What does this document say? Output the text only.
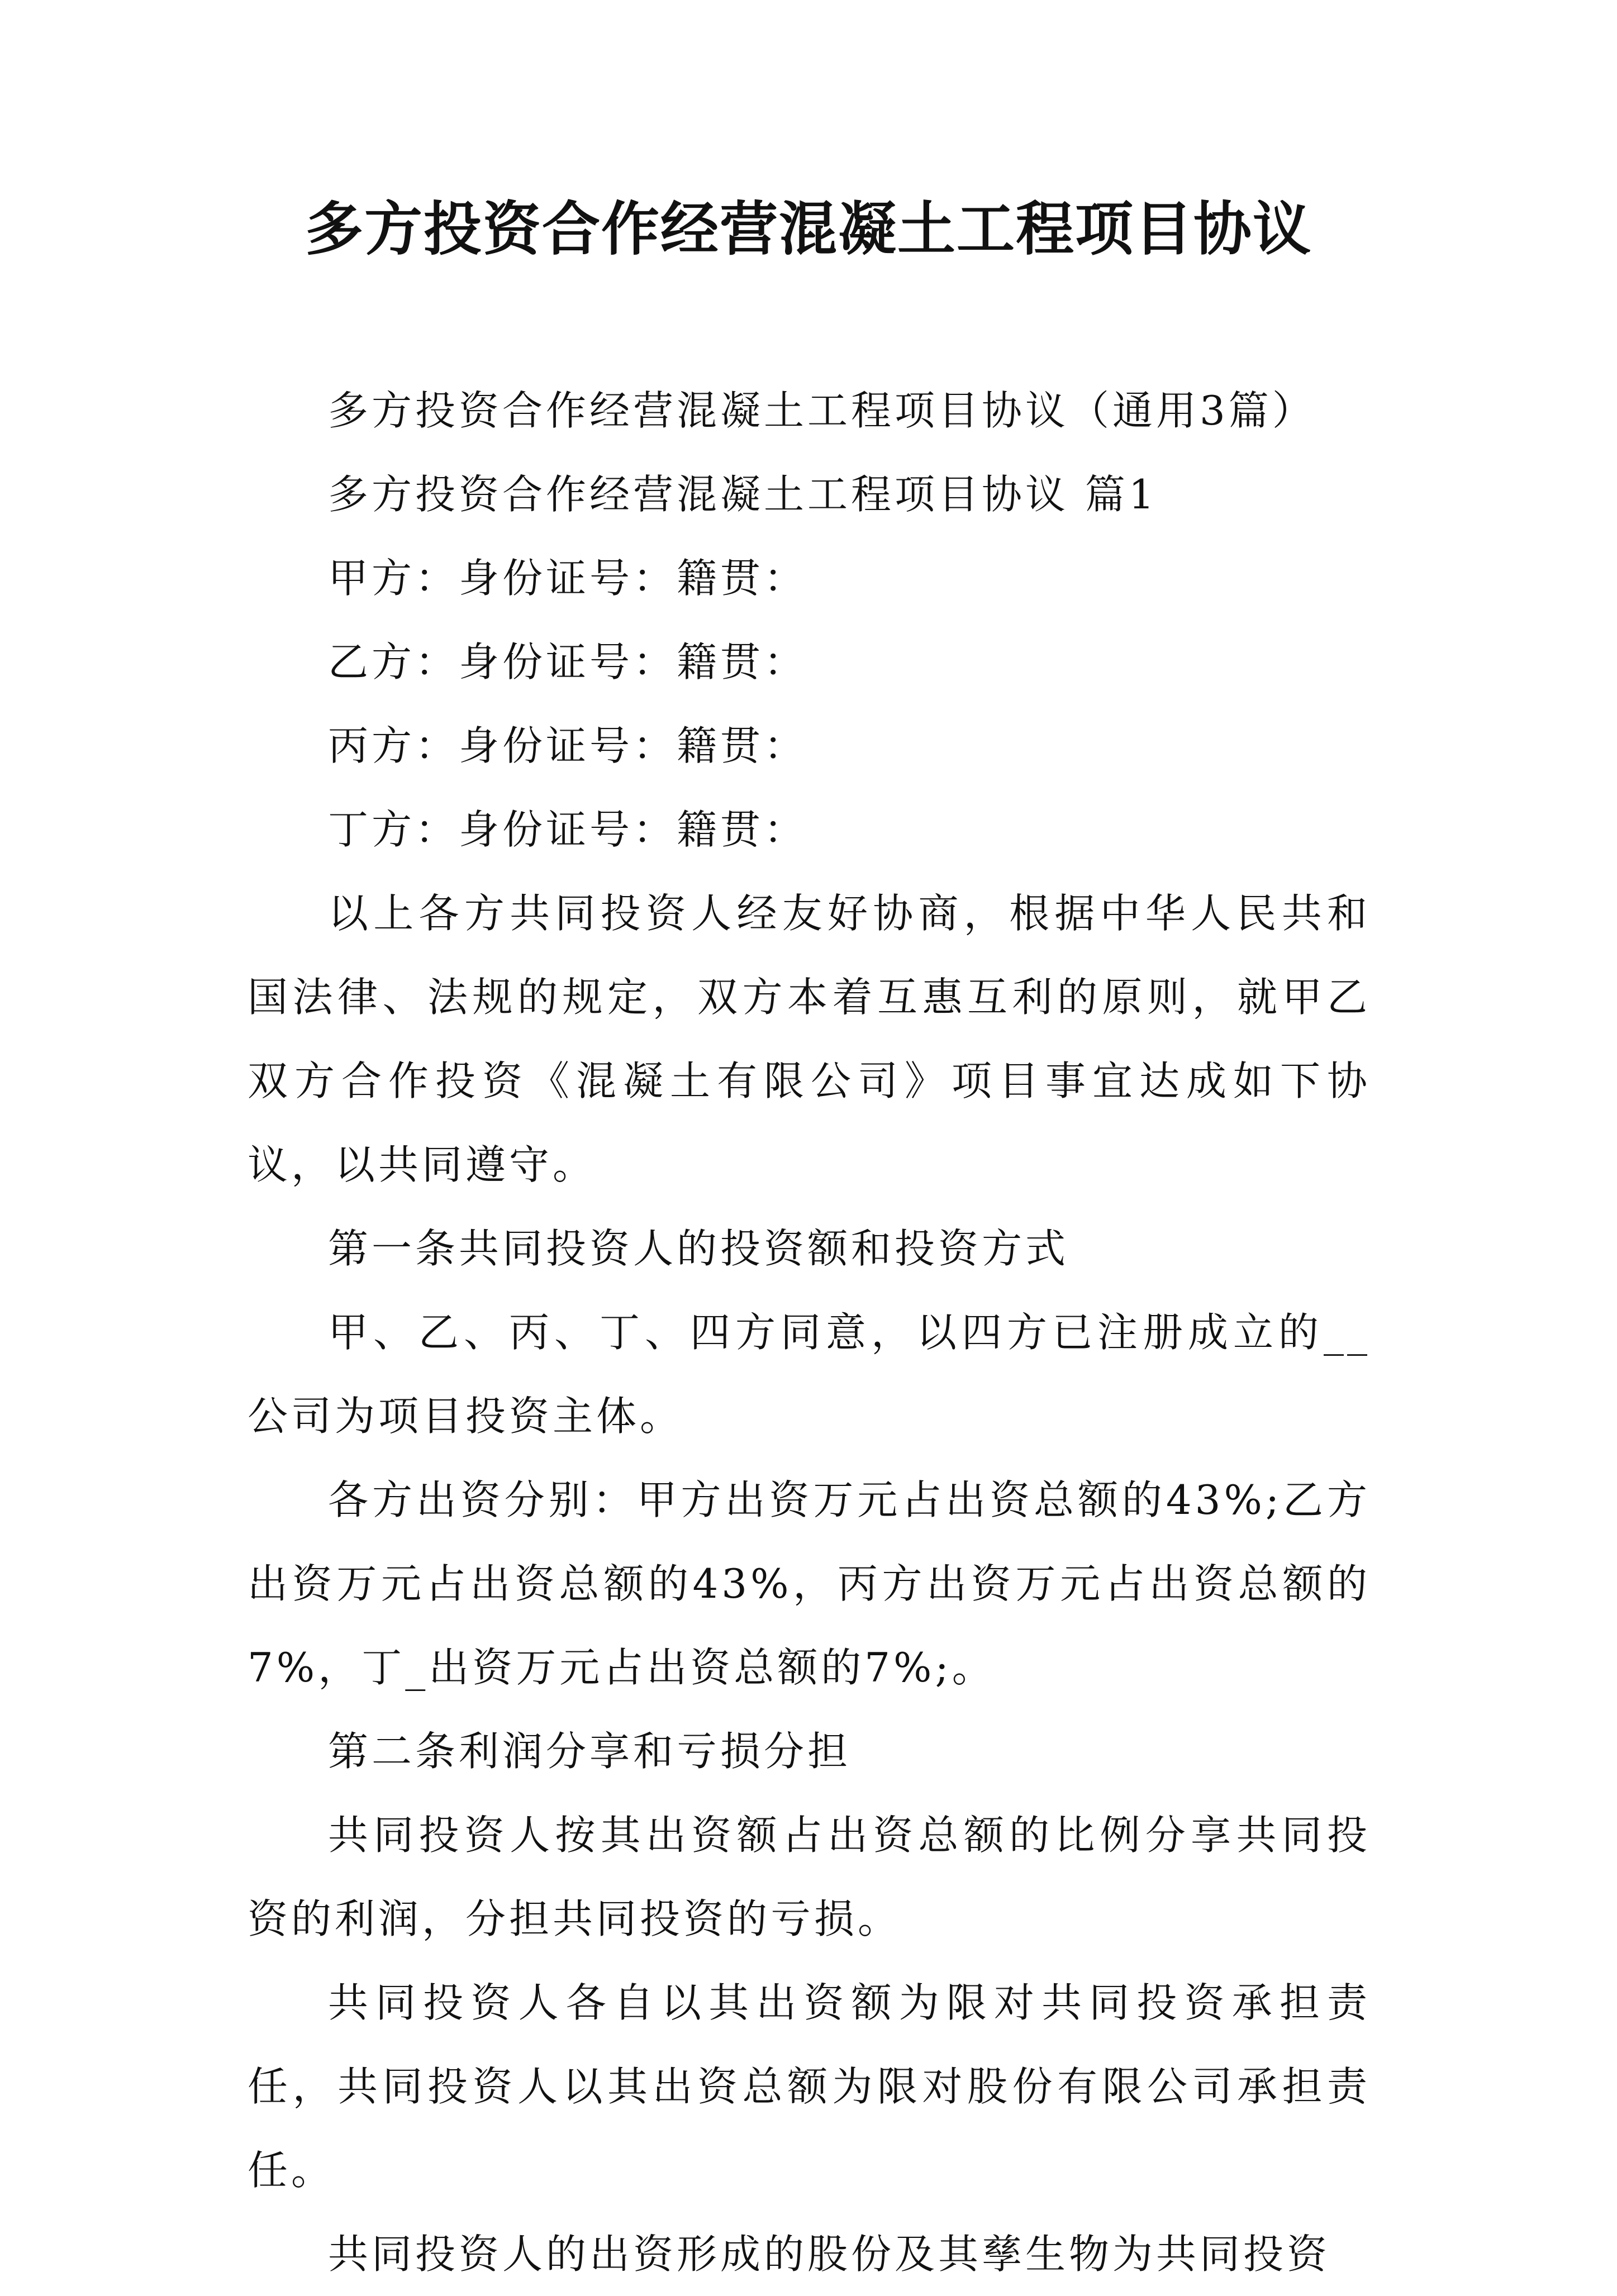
多方投资合作经营混凝土工程项目协议

多方投资合作经营混凝土工程项目协议（通用3篇）

多方投资合作经营混凝土工程项目协议 篇1

甲方：身份证号：籍贯：

乙方：身份证号：籍贯：

丙方：身份证号：籍贯：

丁方：身份证号：籍贯：

以上各方共同投资人经友好协商，根据中华人民共和国法律、法规的规定，双方本着互惠互利的原则，就甲乙双方合作投资《混凝土有限公司》项目事宜达成如下协议，以共同遵守。

第一条共同投资人的投资额和投资方式

甲、乙、丙、丁、四方同意，以四方已注册成立的__公司为项目投资主体。

各方出资分别：甲方出资万元占出资总额的43%;乙方出资万元占出资总额的43%，丙方出资万元占出资总额的7%，丁_出资万元占出资总额的7%;。

第二条利润分享和亏损分担

共同投资人按其出资额占出资总额的比例分享共同投资的利润，分担共同投资的亏损。

共同投资人各自以其出资额为限对共同投资承担责任，共同投资人以其出资总额为限对股份有限公司承担责任。

共同投资人的出资形成的股份及其孳生物为共同投资
